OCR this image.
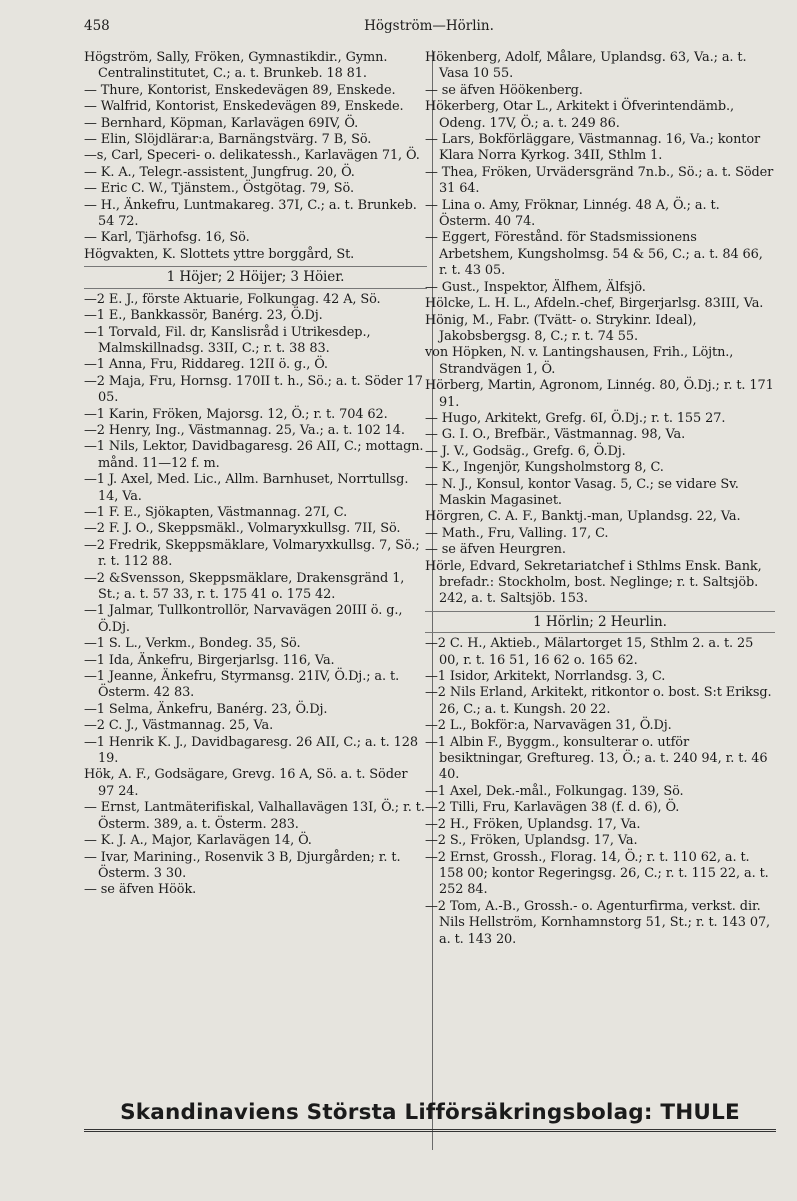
458	Högström—Hörlin.

Högström, Sally, Fröken, Gymnastikdir., Gymn. Centralinstitutet, C.; a. t. Brunkeb. 18 81.

— Thure, Kontorist, Enskedevägen 89, Enskede.

— Walfrid, Kontorist, Enskedevägen 89, Enskede.

— Bernhard, Köpman, Karlavägen 69IV, Ö.

— Elin, Slöjdlärar:a, Barnängstvärg. 7 B, Sö.

—s, Carl, Speceri- o. delikatessh., Karlavägen 71, Ö.

— K. A., Telegr.-assistent, Jungfrug. 20, Ö.

— Eric C. W., Tjänstem., Östgötag. 79, Sö.

— H., Änkefru, Luntmakareg. 37I, C.; a. t. Brunkeb. 54 72.

— Karl, Tjärhofsg. 16, Sö.

Högvakten, K. Slottets yttre borggård, St.

1 Höjer; 2 Höijer; 3 Höier.

—2 E. J., förste Aktuarie, Folkungag. 42 A, Sö.

—1 E., Bankkassör, Banérg. 23, Ö.Dj.

—1 Torvald, Fil. dr, Kanslisråd i Utrikesdep., Malmskillnadsg. 33II, C.; r. t. 38 83.

—1 Anna, Fru, Riddareg. 12II ö. g., Ö.

—2 Maja, Fru, Hornsg. 170II t. h., Sö.; a. t. Söder 17 05.

—1 Karin, Fröken, Majorsg. 12, Ö.; r. t. 704 62.

—2 Henry, Ing., Västmannag. 25, Va.; a. t. 102 14.

—1 Nils, Lektor, Davidbagaresg. 26 AII, C.; mottagn. månd. 11—12 f. m.

—1 J. Axel, Med. Lic., Allm. Barnhuset, Norrtullsg. 14, Va.

—1 F. E., Sjökapten, Västmannag. 27I, C.

—2 F. J. O., Skeppsmäkl., Volmaryxkullsg. 7II, Sö.

—2 Fredrik, Skeppsmäklare, Volmaryxkullsg. 7, Sö.; r. t. 112 88.

—2 &Svensson, Skeppsmäklare, Drakensgränd 1, St.; a. t. 57 33, r. t. 175 41 o. 175 42.

—1 Jalmar, Tullkontrollör, Narvavägen 20III ö. g., Ö.Dj.

—1 S. L., Verkm., Bondeg. 35, Sö.

—1 Ida, Änkefru, Birgerjarlsg. 116, Va.

—1 Jeanne, Änkefru, Styrmansg. 21IV, Ö.Dj.; a. t. Österm. 42 83.

—1 Selma, Änkefru, Banérg. 23, Ö.Dj.

—2 C. J., Västmannag. 25, Va.

—1 Henrik K. J., Davidbagaresg. 26 AII, C.; a. t. 128 19.

Hök, A. F., Godsägare, Grevg. 16 A, Sö. a. t. Söder 97 24.

— Ernst, Lantmäterifiskal, Valhallavägen 13I, Ö.; r. t. Österm. 389, a. t. Österm. 283.

— K. J. A., Major, Karlavägen 14, Ö.

— Ivar, Marining., Rosenvik 3 B, Djurgården; r. t. Österm. 3 30.

— se äfven Höök.

Hökenberg, Adolf, Målare, Uplandsg. 63, Va.; a. t. Vasa 10 55.

— se äfven Höökenberg.

Hökerberg, Otar L., Arkitekt i Öfverintendämb., Odeng. 17V, Ö.; a. t. 249 86.

— Lars, Bokförläggare, Västmannag. 16, Va.; kontor Klara Norra Kyrkog. 34II, Sthlm 1.

— Thea, Fröken, Urvädersgränd 7n.b., Sö.; a. t. Söder 31 64.

— Lina o. Amy, Fröknar, Linnég. 48 A, Ö.; a. t. Österm. 40 74.

— Eggert, Förestånd. för Stadsmissionens Arbetshem, Kungsholmsg. 54 & 56, C.; a. t. 84 66, r. t. 43 05.

— Gust., Inspektor, Älfhem, Älfsjö.

Hölcke, L. H. L., Afdeln.-chef, Birgerjarlsg. 83III, Va.

Hönig, M., Fabr. (Tvätt- o. Strykinr. Ideal), Jakobsbergsg. 8, C.; r. t. 74 55.

von Höpken, N. v. Lantingshausen, Frih., Löjtn., Strandvägen 1, Ö.

Hörberg, Martin, Agronom, Linnég. 80, Ö.Dj.; r. t. 171 91.

— Hugo, Arkitekt, Grefg. 6I, Ö.Dj.; r. t. 155 27.

— G. I. O., Brefbär., Västmannag. 98, Va.

— J. V., Godsäg., Grefg. 6, Ö.Dj.

— K., Ingenjör, Kungsholmstorg 8, C.

— N. J., Konsul, kontor Vasag. 5, C.; se vidare Sv. Maskin Magasinet.

Hörgren, C. A. F., Banktj.-man, Uplandsg. 22, Va.

— Math., Fru, Valling. 17, C.

— se äfven Heurgren.

Hörle, Edvard, Sekretariatchef i Sthlms Ensk. Bank, brefadr.: Stockholm, bost. Neglinge; r. t. Saltsjöb. 242, a. t. Saltsjöb. 153.

1 Hörlin; 2 Heurlin.

—2 C. H., Aktieb., Mälartorget 15, Sthlm 2. a. t. 25 00, r. t. 16 51, 16 62 o. 165 62.

—1 Isidor, Arkitekt, Norrlandsg. 3, C.

—2 Nils Erland, Arkitekt, ritkontor o. bost. S:t Eriksg. 26, C.; a. t. Kungsh. 20 22.

—2 L., Bokför:a, Narvavägen 31, Ö.Dj.

—1 Albin F., Byggm., konsulterar o. utför besiktningar, Greftureg. 13, Ö.; a. t. 240 94, r. t. 46 40.

—1 Axel, Dek.-mål., Folkungag. 139, Sö.

—2 Tilli, Fru, Karlavägen 38 (f. d. 6), Ö.

—2 H., Fröken, Uplandsg. 17, Va.

—2 S., Fröken, Uplandsg. 17, Va.

—2 Ernst, Grossh., Florag. 14, Ö.; r. t. 110 62, a. t. 158 00; kontor Regeringsg. 26, C.; r. t. 115 22, a. t. 252 84.

—2 Tom, A.-B., Grossh.- o. Agenturfirma, verkst. dir. Nils Hellström, Kornhamnstorg 51, St.; r. t. 143 07, a. t. 143 20.

Skandinaviens Största Lifförsäkringsbolag: THULE
